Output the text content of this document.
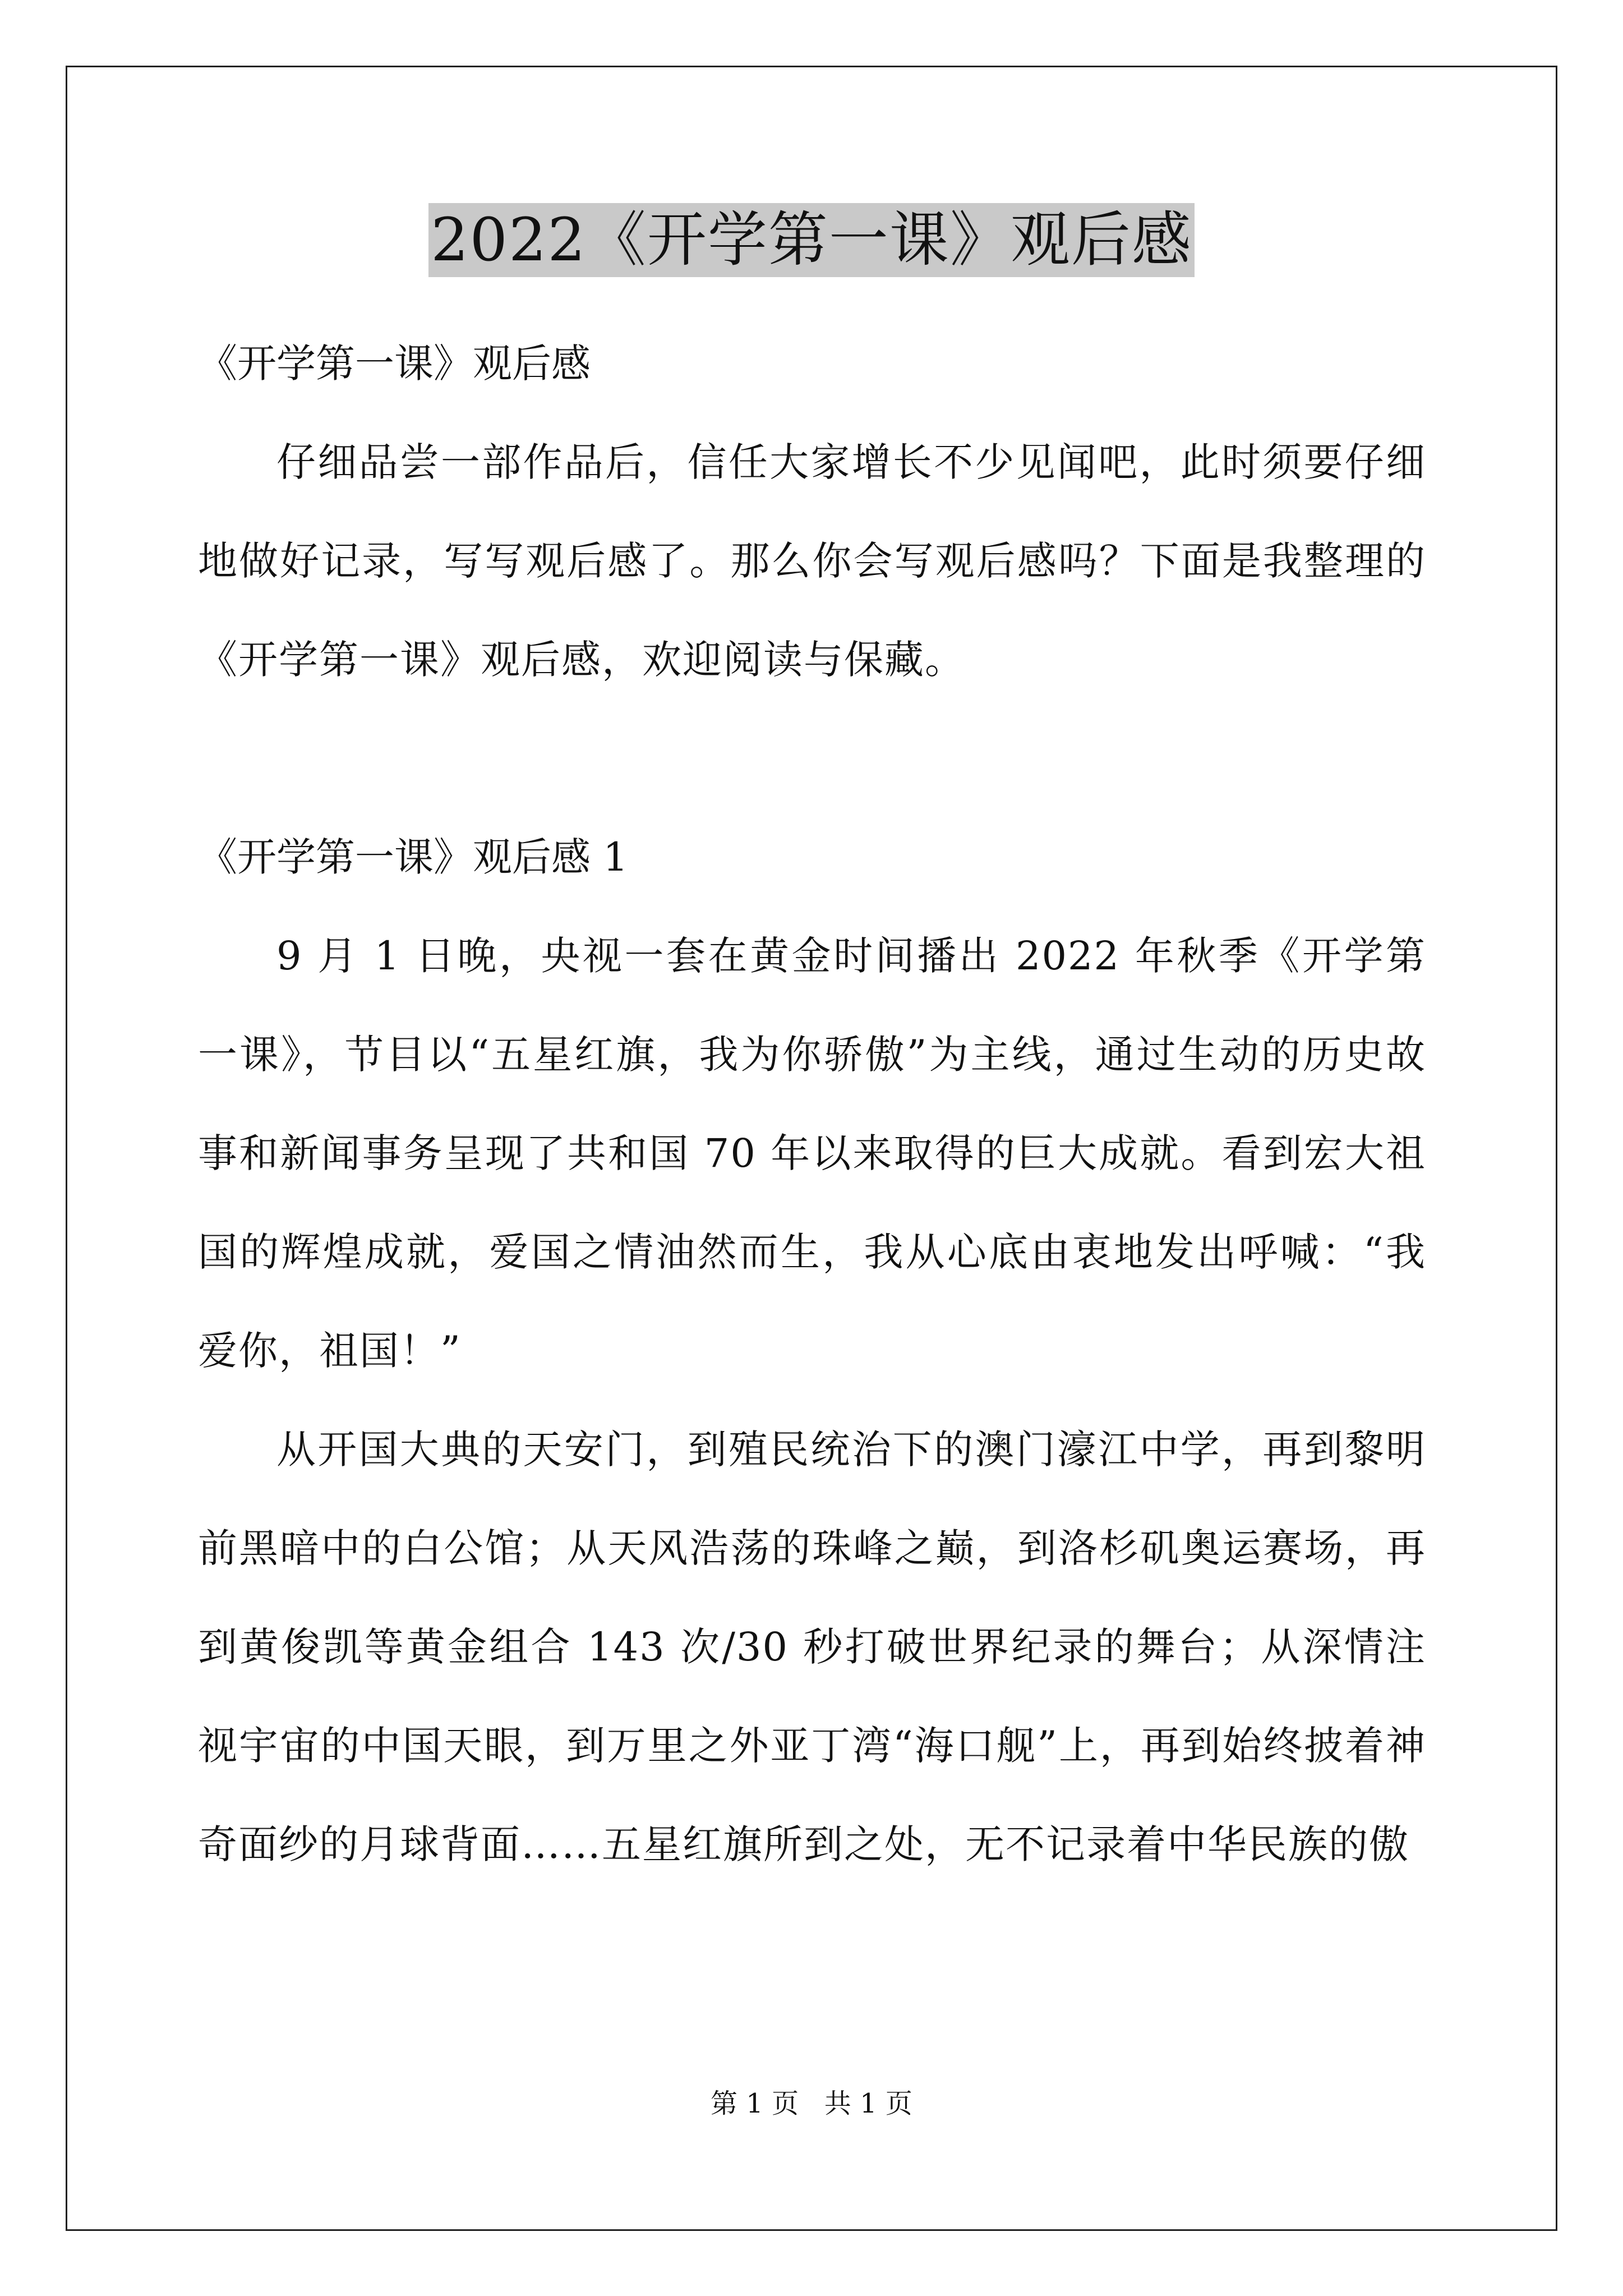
2022《开学第一课》观后感

《开学第一课》观后感

仔细品尝一部作品后，信任大家增长不少见闻吧，此时须要仔细地做好记录，写写观后感了。那么你会写观后感吗？下面是我整理的《开学第一课》观后感，欢迎阅读与保藏。

《开学第一课》观后感 1

9 月 1 日晚，央视一套在黄金时间播出 2022 年秋季《开学第一课》，节目以“五星红旗，我为你骄傲”为主线，通过生动的历史故事和新闻事务呈现了共和国 70 年以来取得的巨大成就。看到宏大祖国的辉煌成就，爱国之情油然而生，我从心底由衷地发出呼喊：“我爱你，祖国！”

从开国大典的天安门，到殖民统治下的澳门濠江中学，再到黎明前黑暗中的白公馆；从天风浩荡的珠峰之巅，到洛杉矶奥运赛场，再到黄俊凯等黄金组合 143 次/30 秒打破世界纪录的舞台；从深情注视宇宙的中国天眼，到万里之外亚丁湾“海口舰”上，再到始终披着神奇面纱的月球背面……五星红旗所到之处，无不记录着中华民族的傲

第 1 页   共 1 页
